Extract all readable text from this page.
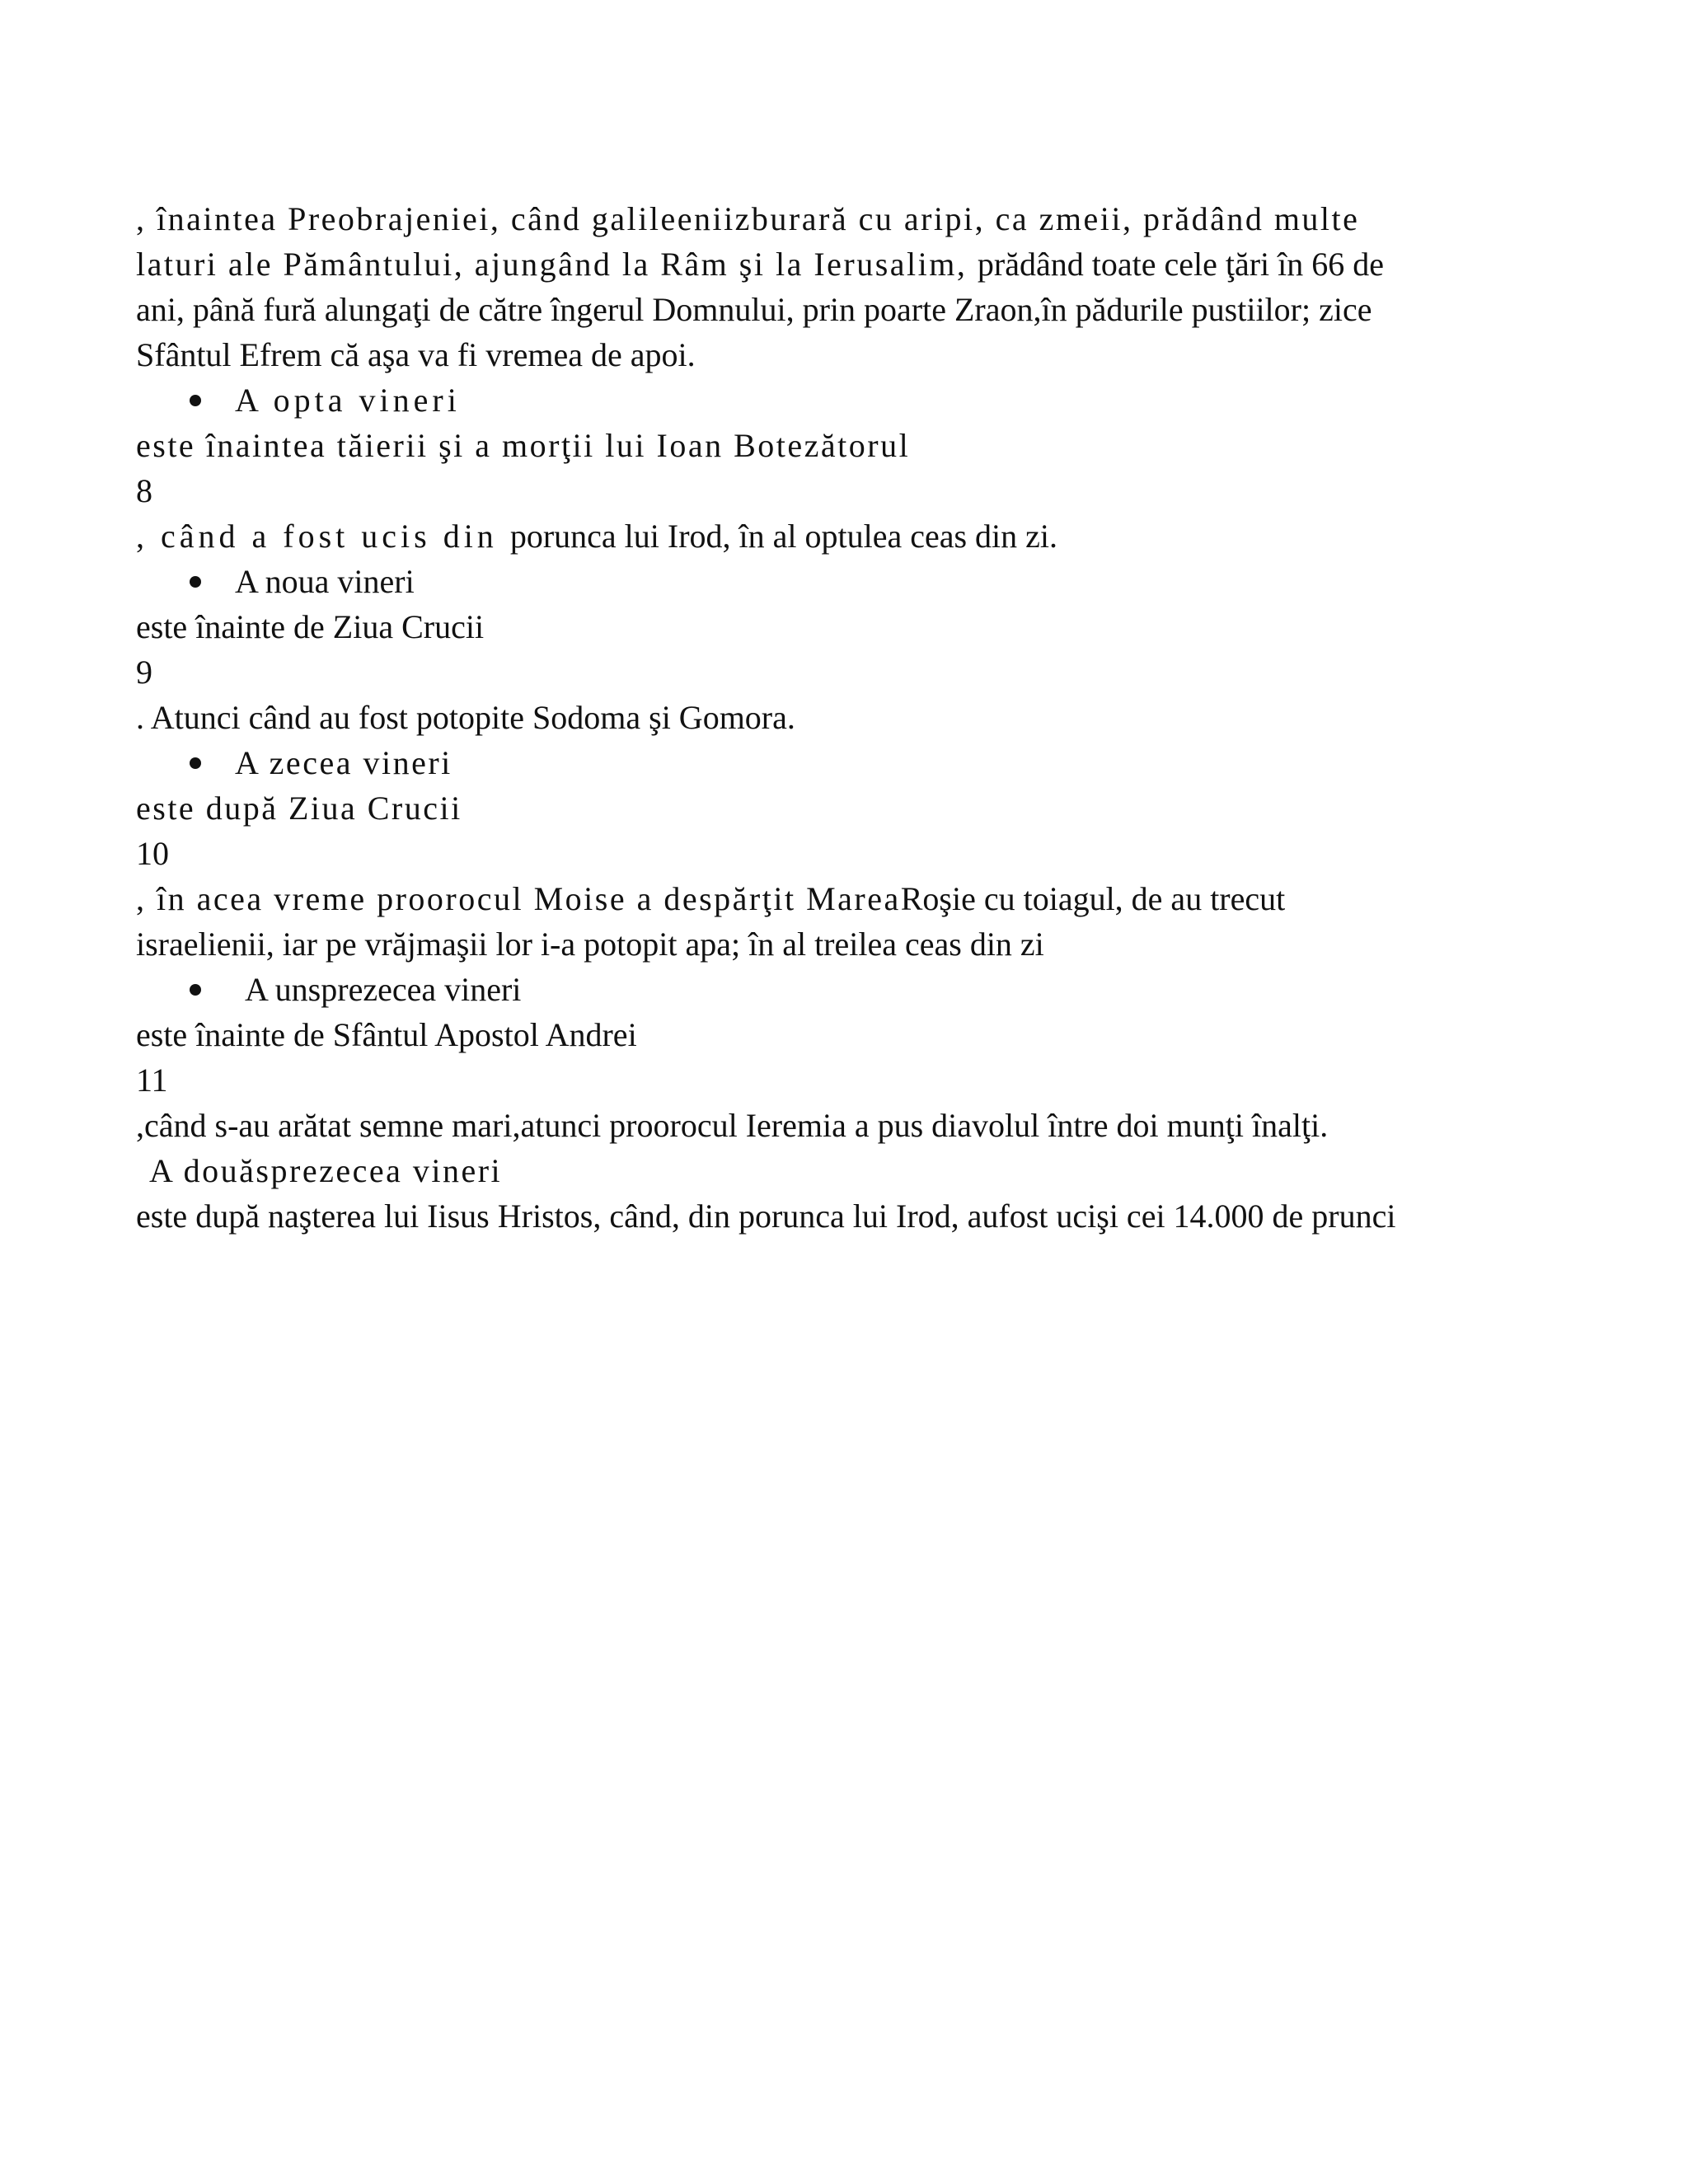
, înaintea Preobrajeniei, când galileeniizburară cu aripi, ca zmeii, prădând multe
laturi ale Pământului, ajungând la Râm şi la Ierusalim, prădând toate cele ţări în 66 de
ani, până fură alungaţi de către îngerul Domnului, prin poarte Zraon,în pădurile pustiilor; zice
Sfântul Efrem că aşa va fi vremea de apoi.
A opta vineri
este înaintea tăierii şi a morţii lui Ioan Botezătorul
8
, când a fost ucis din porunca lui Irod, în al optulea ceas din zi.
A noua vineri
este înainte de Ziua Crucii
9
. Atunci când au fost potopite Sodoma şi Gomora.
A zecea vineri
este după Ziua Crucii
10
, în acea vreme proorocul Moise a despărţit MareaRoşie cu toiagul, de au trecut
israelienii, iar pe vrăjmaşii lor i-a potopit apa; în al treilea ceas din zi
A unsprezecea vineri
este înainte de Sfântul Apostol Andrei
11
,când s-au arătat semne mari,atunci proorocul Ieremia a pus diavolul între doi munţi înalţi.
A douăsprezecea vineri
este după naşterea lui Iisus Hristos, când, din porunca lui Irod, aufost ucişi cei 14.000 de prunci
